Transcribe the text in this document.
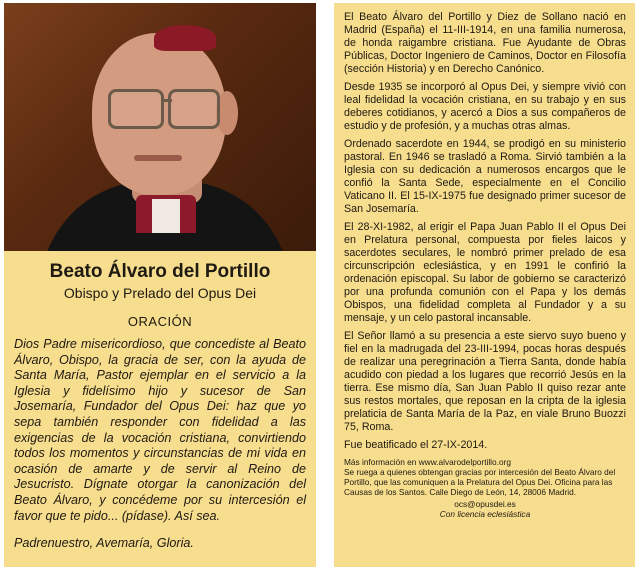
Beato Álvaro del Portillo

Obispo y Prelado del Opus Dei

ORACIÓN

Dios Padre misericordioso, que concediste al Beato Álvaro, Obispo, la gracia de ser, con la ayuda de Santa María, Pastor ejemplar en el servicio a la Iglesia y fidelísimo hijo y sucesor de San Josemaría, Fundador del Opus Dei: haz que yo sepa también responder con fidelidad a las exigencias de la vocación cristiana, convirtiendo todos los momentos y circunstancias de mi vida en ocasión de amarte y de servir al Reino de Jesucristo. Dígnate otorgar la canonización del Beato Álvaro, y concédeme por su intercesión el favor que te pido... (pídase). Así sea.

Padrenuestro, Avemaría, Gloria.

El Beato Álvaro del Portillo y Diez de Sollano nació en Madrid (España) el 11-III-1914, en una familia numerosa, de honda raigambre cristiana. Fue Ayudante de Obras Públicas, Doctor Ingeniero de Caminos, Doctor en Filosofía (sección Historia) y en Derecho Canónico.

Desde 1935 se incorporó al Opus Dei, y siempre vivió con leal fidelidad la vocación cristiana, en su trabajo y en sus deberes cotidianos, y acercó a Dios a sus compañeros de estudio y de profesión, y a muchas otras almas.

Ordenado sacerdote en 1944, se prodigó en su ministerio pastoral. En 1946 se trasladó a Roma. Sirvió también a la Iglesia con su dedicación a numerosos encargos que le confió la Santa Sede, especialmente en el Concilio Vaticano II. El 15-IX-1975 fue designado primer sucesor de San Josemaría.

El 28-XI-1982, al erigir el Papa Juan Pablo II el Opus Dei en Prelatura personal, compuesta por fieles laicos y sacerdotes seculares, le nombró primer prelado de esa circunscripción eclesiástica, y en 1991 le confirió la ordenación episcopal. Su labor de gobierno se caracterizó por una profunda comunión con el Papa y los demás Obispos, una fidelidad completa al Fundador y a su mensaje, y un celo pastoral incansable.

El Señor llamó a su presencia a este siervo suyo bueno y fiel en la madrugada del 23-III-1994, pocas horas después de realizar una peregrinación a Tierra Santa, donde había acudido con piedad a los lugares que recorrió Jesús en la tierra. Ese mismo día, San Juan Pablo II quiso rezar ante sus restos mortales, que reposan en la cripta de la iglesia prelaticia de Santa María de la Paz, en viale Bruno Buozzi 75, Roma.

Fue beatificado el 27-IX-2014.

Más información en www.alvarodelportillo.org

Se ruega a quienes obtengan gracias por intercesión del Beato Álvaro del Portillo, que las comuniquen a la Prelatura del Opus Dei. Oficina para las Causas de los Santos. Calle Diego de León, 14, 28006 Madrid.

ocs@opusdei.es

Con licencia eclesiástica
